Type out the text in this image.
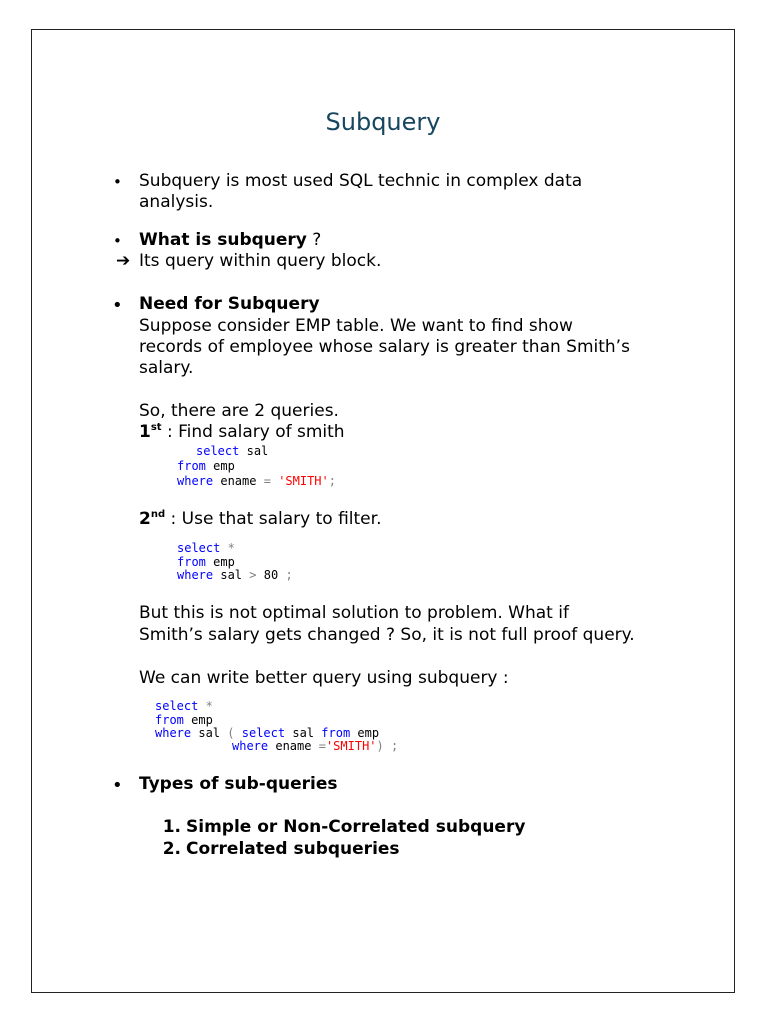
Subquery
• Subquery is most used SQL technic in complex data
analysis.
• What is subquery ?
➔ Its query within query block.
• Need for Subquery
Suppose consider EMP table. We want to find show
records of employee whose salary is greater than Smith’s
salary.
So, there are 2 queries.
1st : Find salary of smith
select sal
from emp
where ename = 'SMITH';
2nd : Use that salary to filter.
select *
from emp
where sal > 80 ;
But this is not optimal solution to problem. What if
Smith’s salary gets changed ? So, it is not full proof query.
We can write better query using subquery :
select *
from emp
where sal ( select sal from emp
where ename ='SMITH') ;
• Types of sub-queries
1. Simple or Non-Correlated subquery
2. Correlated subqueries
